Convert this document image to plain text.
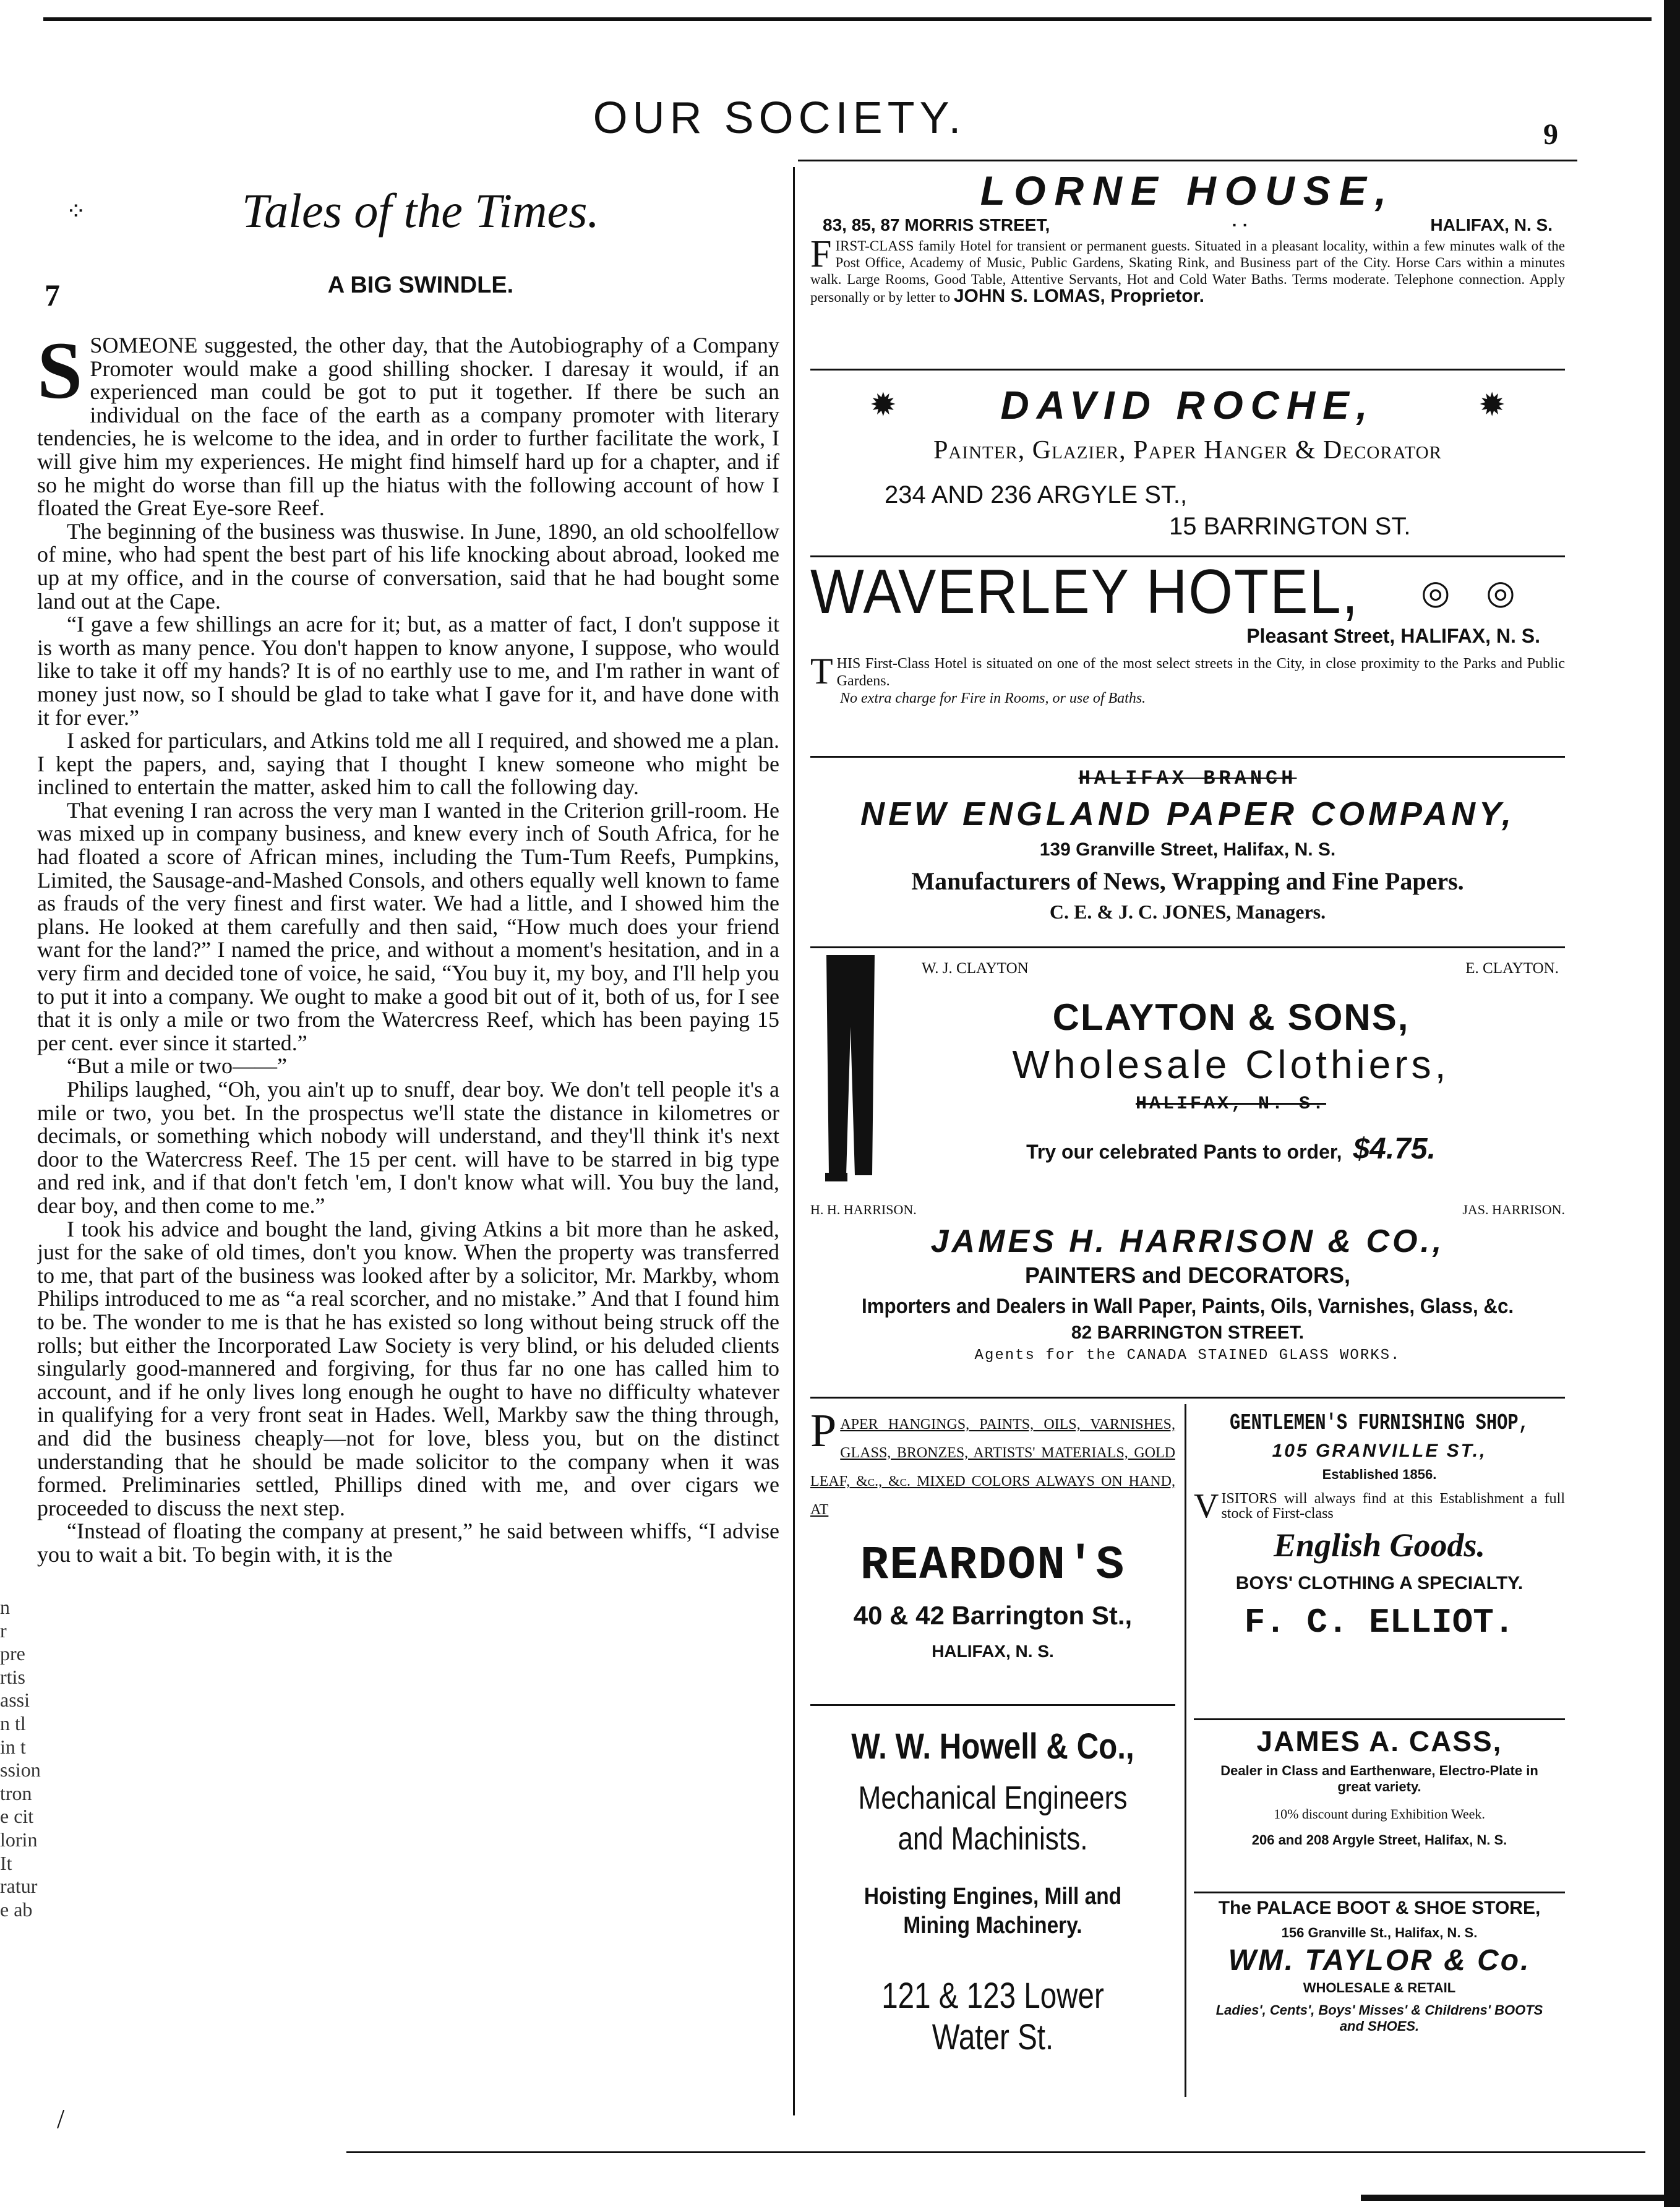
OUR SOCIETY.	9
Tales of the Times.
⁘
7	A BIG SWINDLE.
S SOMEONE suggested, the other day, that the Autobiography of a Company Promoter would make a good shilling shocker. I daresay it would, if an experienced man could be got to put it together. If there be such an individual on the face of the earth as a company promoter with literary tendencies, he is welcome to the idea, and in order to further facilitate the work, I will give him my experiences. He might find himself hard up for a chapter, and if so he might do worse than fill up the hiatus with the following account of how I floated the Great Eye-sore Reef.

The beginning of the business was thuswise. In June, 1890, an old schoolfellow of mine, who had spent the best part of his life knocking about abroad, looked me up at my office, and in the course of conversation, said that he had bought some land out at the Cape.

“I gave a few shillings an acre for it; but, as a matter of fact, I don't suppose it is worth as many pence. You don't happen to know anyone, I suppose, who would like to take it off my hands? It is of no earthly use to me, and I'm rather in want of money just now, so I should be glad to take what I gave for it, and have done with it for ever.”

I asked for particulars, and Atkins told me all I required, and showed me a plan. I kept the papers, and, saying that I thought I knew someone who might be inclined to entertain the matter, asked him to call the following day.

That evening I ran across the very man I wanted in the Criterion grill-room. He was mixed up in company business, and knew every inch of South Africa, for he had floated a score of African mines, including the Tum-Tum Reefs, Pumpkins, Limited, the Sausage-and-Mashed Consols, and others equally well known to fame as frauds of the very finest and first water. We had a little, and I showed him the plans. He looked at them carefully and then said, “How much does your friend want for the land?” I named the price, and without a moment's hesitation, and in a very firm and decided tone of voice, he said, “You buy it, my boy, and I'll help you to put it into a company. We ought to make a good bit out of it, both of us, for I see that it is only a mile or two from the Watercress Reef, which has been paying 15 per cent. ever since it started.”

“But a mile or two——”

Philips laughed, “Oh, you ain't up to snuff, dear boy. We don't tell people it's a mile or two, you bet. In the prospectus we'll state the distance in kilometres or decimals, or something which nobody will understand, and they'll think it's next door to the Watercress Reef. The 15 per cent. will have to be starred in big type and red ink, and if that don't fetch 'em, I don't know what will. You buy the land, dear boy, and then come to me.”

I took his advice and bought the land, giving Atkins a bit more than he asked, just for the sake of old times, don't you know. When the property was transferred to me, that part of the business was looked after by a solicitor, Mr. Markby, whom Philips introduced to me as “a real scorcher, and no mistake.” And that I found him to be. The wonder to me is that he has existed so long without being struck off the rolls; but either the Incorporated Law Society is very blind, or his deluded clients singularly good-mannered and forgiving, for thus far no one has called him to account, and if he only lives long enough he ought to have no difficulty whatever in qualifying for a very front seat in Hades. Well, Markby saw the thing through, and did the business cheaply—not for love, bless you, but on the distinct understanding that he should be made solicitor to the company when it was formed. Preliminaries settled, Phillips dined with me, and over cigars we proceeded to discuss the next step.

“Instead of floating the company at present,” he said between whiffs, “I advise you to wait a bit. To begin with, it is the

n
r
pre
rtis
assi
n tl
in t
ssion
tron
e cit
lorin
It
ratur
e ab
/
LORNE HOUSE,
83, 85, 87 MORRIS STREET,	· ·	HALIFAX, N. S.
F IRST-CLASS family Hotel for transient or permanent guests. Situated in a pleasant locality, within a few minutes walk of the Post Office, Academy of Music, Public Gardens, Skating Rink, and Business part of the City. Horse Cars within a minutes walk. Large Rooms, Good Table, Attentive Servants, Hot and Cold Water Baths. Terms moderate. Telephone connection. Apply personally or by letter to JOHN S. LOMAS, Proprietor.
✹	DAVID ROCHE,	✹
Painter, Glazier, Paper Hanger & Decorator
234 AND 236 ARGYLE ST.,
15 BARRINGTON ST.
WAVERLEY HOTEL, ◎ ◎
Pleasant Street, HALIFAX, N. S.
T HIS First-Class Hotel is situated on one of the most select streets in the City, in close proximity to the Parks and Public Gardens.
No extra charge for Fire in Rooms, or use of Baths.
HALIFAX BRANCH
NEW ENGLAND PAPER COMPANY,
139 Granville Street, Halifax, N. S.
Manufacturers of News, Wrapping and Fine Papers.
C. E. & J. C. JONES, Managers.
W. J. CLAYTON	E. CLAYTON.
CLAYTON & SONS,
Wholesale Clothiers,
HALIFAX, N. S.
Try our celebrated Pants to order, $4.75.
H. H. HARRISON.	JAS. HARRISON.
JAMES H. HARRISON & CO.,
PAINTERS and DECORATORS,
Importers and Dealers in Wall Paper, Paints, Oils, Varnishes, Glass, &c.
82 BARRINGTON STREET.
Agents for the CANADA STAINED GLASS WORKS.
P APER HANGINGS, PAINTS, OILS, VARNISHES, GLASS, BRONZES, ARTISTS' MATERIALS, GOLD LEAF, &c., &c. MIXED COLORS ALWAYS ON HAND, AT
REARDON'S
40 & 42 Barrington St.,
HALIFAX, N. S.
W. W. Howell & Co.,
Mechanical Engineers
and Machinists.
Hoisting Engines, Mill and
Mining Machinery.
121 & 123 Lower Water St.
GENTLEMEN'S FURNISHING SHOP,
105 GRANVILLE ST.,
Established 1856.
V ISITORS will always find at this Establishment a full stock of First-class
English Goods.
BOYS' CLOTHING A SPECIALTY.
F. C. ELLIOT.
JAMES A. CASS,
Dealer in Class and Earthenware, Electro-Plate in great variety.
10% discount during Exhibition Week.
206 and 208 Argyle Street, Halifax, N. S.
The PALACE BOOT & SHOE STORE,
156 Granville St., Halifax, N. S.
WM. TAYLOR & Co.
WHOLESALE & RETAIL
Ladies', Cents', Boys' Misses' & Childrens' BOOTS and SHOES.
